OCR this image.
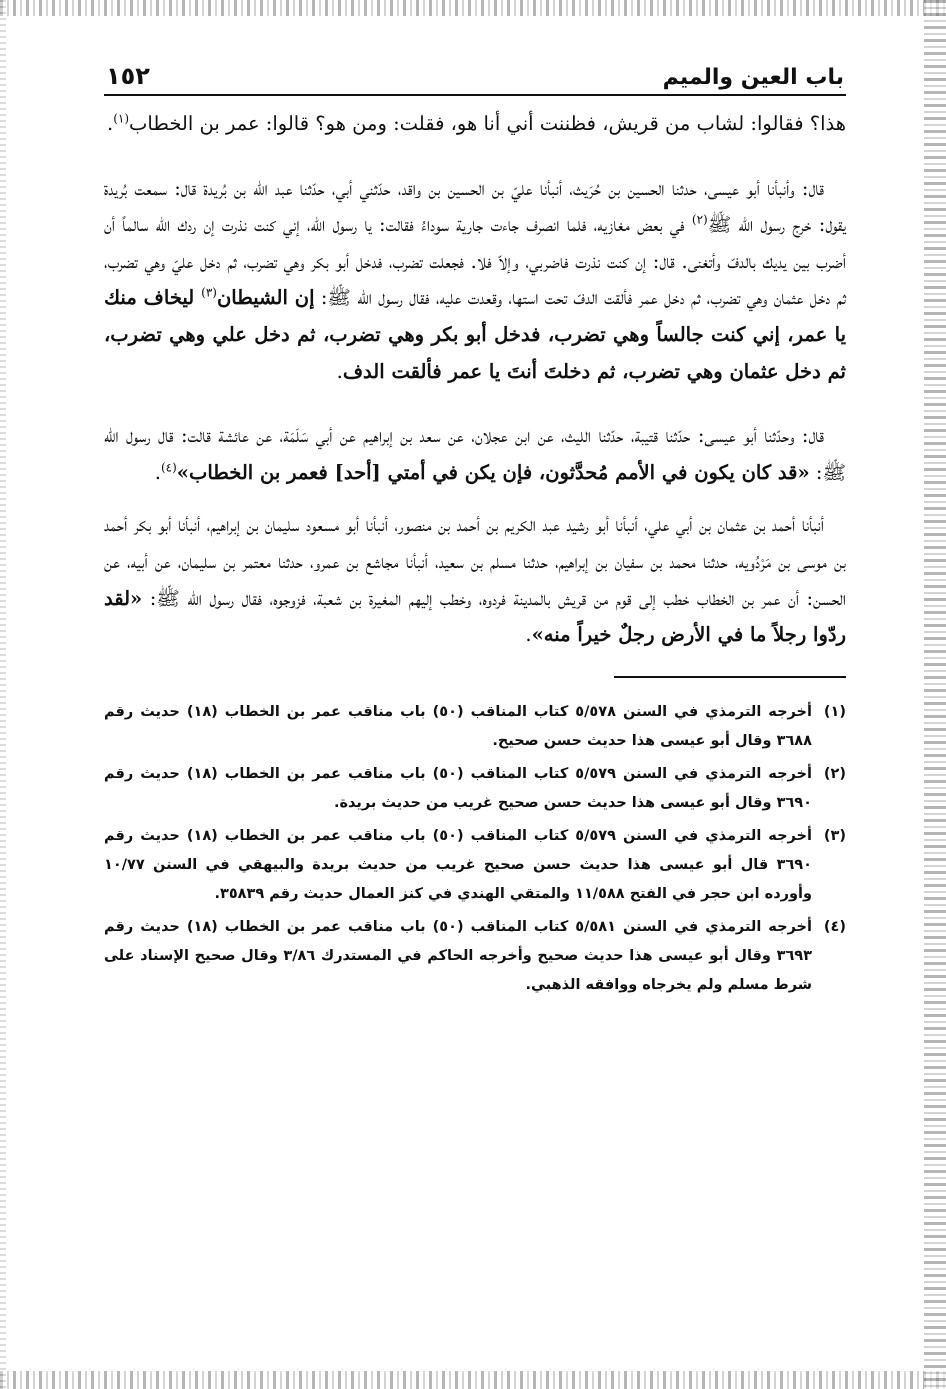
باب العين والميم
١٥٢

هذا؟ فقالوا: لشاب من قريش، فظننت أني أنا هو، فقلت: ومن هو؟ قالوا: عمر بن الخطاب$^{(١)}$.

قال: وأنبأنا أبو عيسى، حدثنا الحسين بن حُرَيث، أنبأنا عليّ بن الحسين بن واقد، حدّثني أبي، حدّثنا عبد الله بن بُريدة قال: سمعت بُريدة يقول: خرج رسول الله ﷺ$^{(٢)}$ في بعض مغازيه، فلما انصرف جاءت جارية سوداءُ فقالت: يا رسول الله، إني كنت نذرت إن ردك الله سالماً أن أضرب بين يديك بالدفّ وأتغنى. قال: إن كنت نذرت فاضربي، وإلاّ فلا. فجعلت تضرب، فدخل أبو بكر وهي تضرب، ثم دخل عليّ وهي تضرب، ثم دخل عثمان وهي تضرب، ثم دخل عمر فألقت الدفّ تحت استها، وقعدت عليه، فقال رسول الله ﷺ: إن الشيطان$^{(٣)}$ ليخاف منك يا عمر، إني كنت جالساً وهي تضرب، فدخل أبو بكر وهي تضرب، ثم دخل علي وهي تضرب، ثم دخل عثمان وهي تضرب، ثم دخلتَ أنتَ يا عمر فألقت الدف.

قال: وحدّثنا أبو عيسى: حدّثنا قتيبة، حدّثنا الليث، عن ابن عجلان، عن سعد بن إبراهيم عن أبي سَلَمَة، عن عائشة قالت: قال رسول الله ﷺ: «قد كان يكون في الأمم مُحدَّثون، فإن يكن في أمتي [أحد] فعمر بن الخطاب»$^{(٤)}$.

أنبأنا أحمد بن عثمان بن أبي علي، أنبأنا أبو رشيد عبد الكريم بن أحمد بن منصور، أنبأنا أبو مسعود سليمان بن إبراهيم، أنبأنا أبو بكر أحمد بن موسى بن مَرْدُويه، حدثنا محمد بن سفيان بن إبراهيم، حدثنا مسلم بن سعيد، أنبأنا مجاشع بن عمرو، حدثنا معتمر بن سليمان، عن أبيه، عن الحسن: أن عمر بن الخطاب خطب إلى قوم من قريش بالمدينة فردوه، وخطب إليهم المغيرة بن شعبة، فزوجوه، فقال رسول الله ﷺ: «لقد ردّوا رجلاً ما في الأرض رجلٌ خيراً منه».

(١)
أخرجه الترمذي في السنن ٥/٥٧٨ كتاب المناقب (٥٠) باب مناقب عمر بن الخطاب (١٨) حديث رقم ٣٦٨٨ وقال أبو عيسى هذا حديث حسن صحيح.
(٢)
أخرجه الترمذي في السنن ٥/٥٧٩ كتاب المناقب (٥٠) باب مناقب عمر بن الخطاب (١٨) حديث رقم ٣٦٩٠ وقال أبو عيسى هذا حديث حسن صحيح غريب من حديث بريدة.
(٣)
أخرجه الترمذي في السنن ٥/٥٧٩ كتاب المناقب (٥٠) باب مناقب عمر بن الخطاب (١٨) حديث رقم ٣٦٩٠ قال أبو عيسى هذا حديث حسن صحيح غريب من حديث بريدة والبيهقي في السنن ١٠/٧٧ وأورده ابن حجر في الفتح ١١/٥٨٨ والمتقي الهندي في كنز العمال حديث رقم ٣٥٨٣٩.
(٤)
أخرجه الترمذي في السنن ٥/٥٨١ كتاب المناقب (٥٠) باب مناقب عمر بن الخطاب (١٨) حديث رقم ٣٦٩٣ وقال أبو عيسى هذا حديث صحيح وأخرجه الحاكم في المستدرك ٣/٨٦ وقال صحيح الإسناد على شرط مسلم ولم يخرجاه ووافقه الذهبي.
